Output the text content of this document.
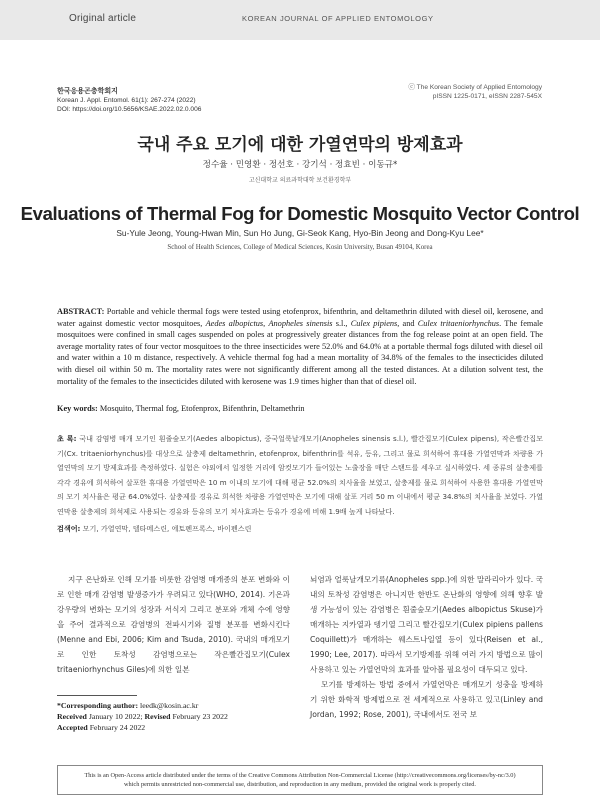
Original article	KOREAN JOURNAL OF APPLIED ENTOMOLOGY
한국응용곤충학회지
Korean J. Appl. Entomol. 61(1): 267-274 (2022)
DOI: https://doi.org/10.5656/KSAE.2022.02.0.006
ⓒ The Korean Society of Applied Entomology
pISSN 1225-0171, eISSN 2287-545X
국내 주요 모기에 대한 가열연막의 방제효과
정수율 · 민영환 · 정선호 · 강기석 · 정효빈 · 이동규*
고신대학교 의료과학대학 보건환경학부
Evaluations of Thermal Fog for Domestic Mosquito Vector Control
Su-Yule Jeong, Young-Hwan Min, Sun Ho Jung, Gi-Seok Kang, Hyo-Bin Jeong and Dong-Kyu Lee*
School of Health Sciences, College of Medical Sciences, Kosin University, Busan 49104, Korea
ABSTRACT: Portable and vehicle thermal fogs were tested using etofenprox, bifenthrin, and deltamethrin diluted with diesel oil, kerosene, and water against domestic vector mosquitoes, Aedes albopictus, Anopheles sinensis s.l., Culex pipiens, and Culex tritaeniorhynchus. The female mosquitoes were confined in small cages suspended on poles at progressively greater distances from the fog release point at an open field. The average mortality rates of four vector mosquitoes to the three insecticides were 52.0% and 64.0% at a portable thermal fogs diluted with diesel oil and water within a 10 m distance, respectively. A vehicle thermal fog had a mean mortality of 34.8% of the females to the insecticides diluted with diesel oil within 50 m. The mortality rates were not significantly different among all the tested distances. At a dilution solvent test, the mortality of the females to the insecticides diluted with kerosene was 1.9 times higher than that of diesel oil.
Key words: Mosquito, Thermal fog, Etofenprox, Bifenthrin, Deltamethrin
초 록: 국내 감염병 매개 모기인 흰줄숲모기(Aedes albopictus), 중국얼룩날개모기(Anopheles sinensis s.l.), 빨간집모기(Culex pipens), 작은빨간집모기(Cx. tritaeniorhynchus)를 대상으로 살충제 deltamethrin, etofenprox, bifenthrin를 석유, 등유, 그리고 물로 희석하여 휴대용 가열연막과 차량용 가열연막의 모기 방제효과를 측정하였다. 실험은 야외에서 일정한 거리에 암컷모기가 들어있는 노출장을 매단 스탠드를 세우고 실시하였다. 세 종류의 살충제를 각각 경유에 희석하여 살포한 휴대용 가열연막은 10 m 이내의 모기에 대해 평균 52.0%의 치사율을 보였고, 살충제를 물로 희석하여 사용한 휴대용 가열연막의 모기 치사율은 평균 64.0%였다. 살충제를 경유로 희석한 차량용 가열연막은 모기에 대해 살포 거리 50 m 이내에서 평균 34.8%의 치사율을 보였다. 가열연막용 살충제의 희석제로 사용되는 경유와 등유의 모기 치사효과는 등유가 경유에 비해 1.9배 높게 나타났다.
검색어: 모기, 가열연막, 델타메스린, 에토펜프록스, 바이펜스린

지구 온난화로 인해 모기를 비롯한 감염병 매개종의 분포 변화와 이로 인한 매개 감염병 발생증가가 우려되고 있다(WHO, 2014). 기온과 강우량의 변화는 모기의 성장과 서식지 그리고 분포와 개체 수에 영향을 주어 결과적으로 감염병의 전파시기와 질병 분포를 변화시킨다(Menne and Ebi, 2006; Kim and Tsuda, 2010). 국내의 매개모기로 인한 토착성 감염병으로는 작은빨간집모기(Culex tritaeniorhynchus Giles)에 의한 일본

뇌염과 얼룩날개모기류(Anopheles spp.)에 의한 말라리아가 있다. 국내의 토착성 감염병은 아니지만 한반도 온난화의 영향에 의해 향후 발생 가능성이 있는 감염병은 흰줄숲모기(Aedes albopictus Skuse)가 매개하는 지카열과 뎅기열 그리고 빨간집모기(Culex pipiens pallens Coquillett)가 매개하는 웨스트나일열 등이 있다(Reisen et al., 1990; Lee, 2017). 따라서 모기방제를 위해 여러 가지 방법으로 많이 사용하고 있는 가열연막의 효과를 알아볼 필요성이 대두되고 있다.

모기를 방제하는 방법 중에서 가열연막은 매개모기 성충을 방제하기 위한 화학적 방제법으로 전 세계적으로 사용하고 있고(Linley and Jordan, 1992; Rose, 2001), 국내에서도 전국 보

*Corresponding author: leedk@kosin.ac.kr
Received January 10 2022; Revised February 23 2022
Accepted February 24 2022
This is an Open-Access article distributed under the terms of the Creative Commons Attribution Non-Commercial License (http://creativecommons.org/licenses/by-nc/3.0)
which permits unrestricted non-commercial use, distribution, and reproduction in any medium, provided the original work is properly cited.
